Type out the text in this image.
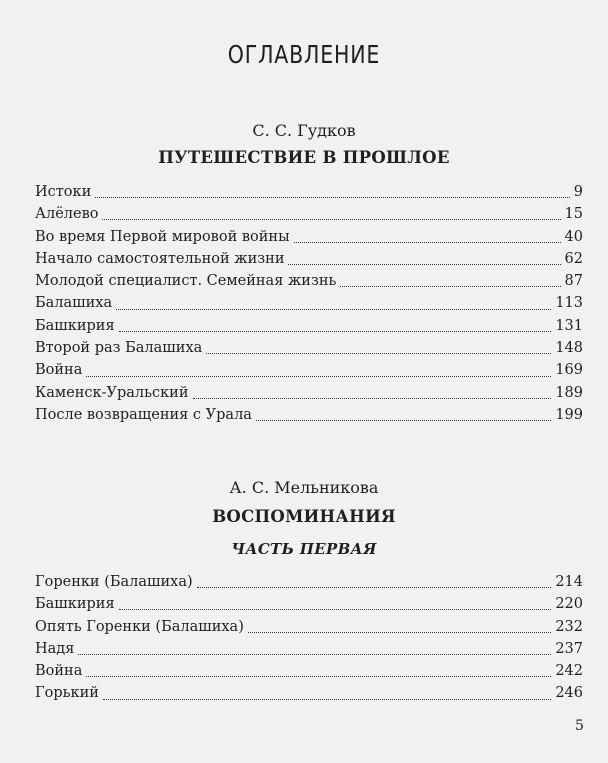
ОГЛАВЛЕНИЕ
С. С. Гудков
ПУТЕШЕСТВИЕ В ПРОШЛОЕ
Истоки	9
Алёлево	15
Во время Первой мировой войны	40
Начало самостоятельной жизни	62
Молодой специалист. Семейная жизнь	87
Балашиха	113
Башкирия	131
Второй раз Балашиха	148
Война	169
Каменск-Уральский	189
После возвращения с Урала	199
А. С. Мельникова
ВОСПОМИНАНИЯ
ЧАСТЬ ПЕРВАЯ
Горенки (Балашиха)	214
Башкирия	220
Опять Горенки (Балашиха)	232
Надя	237
Война	242
Горький	246
5
